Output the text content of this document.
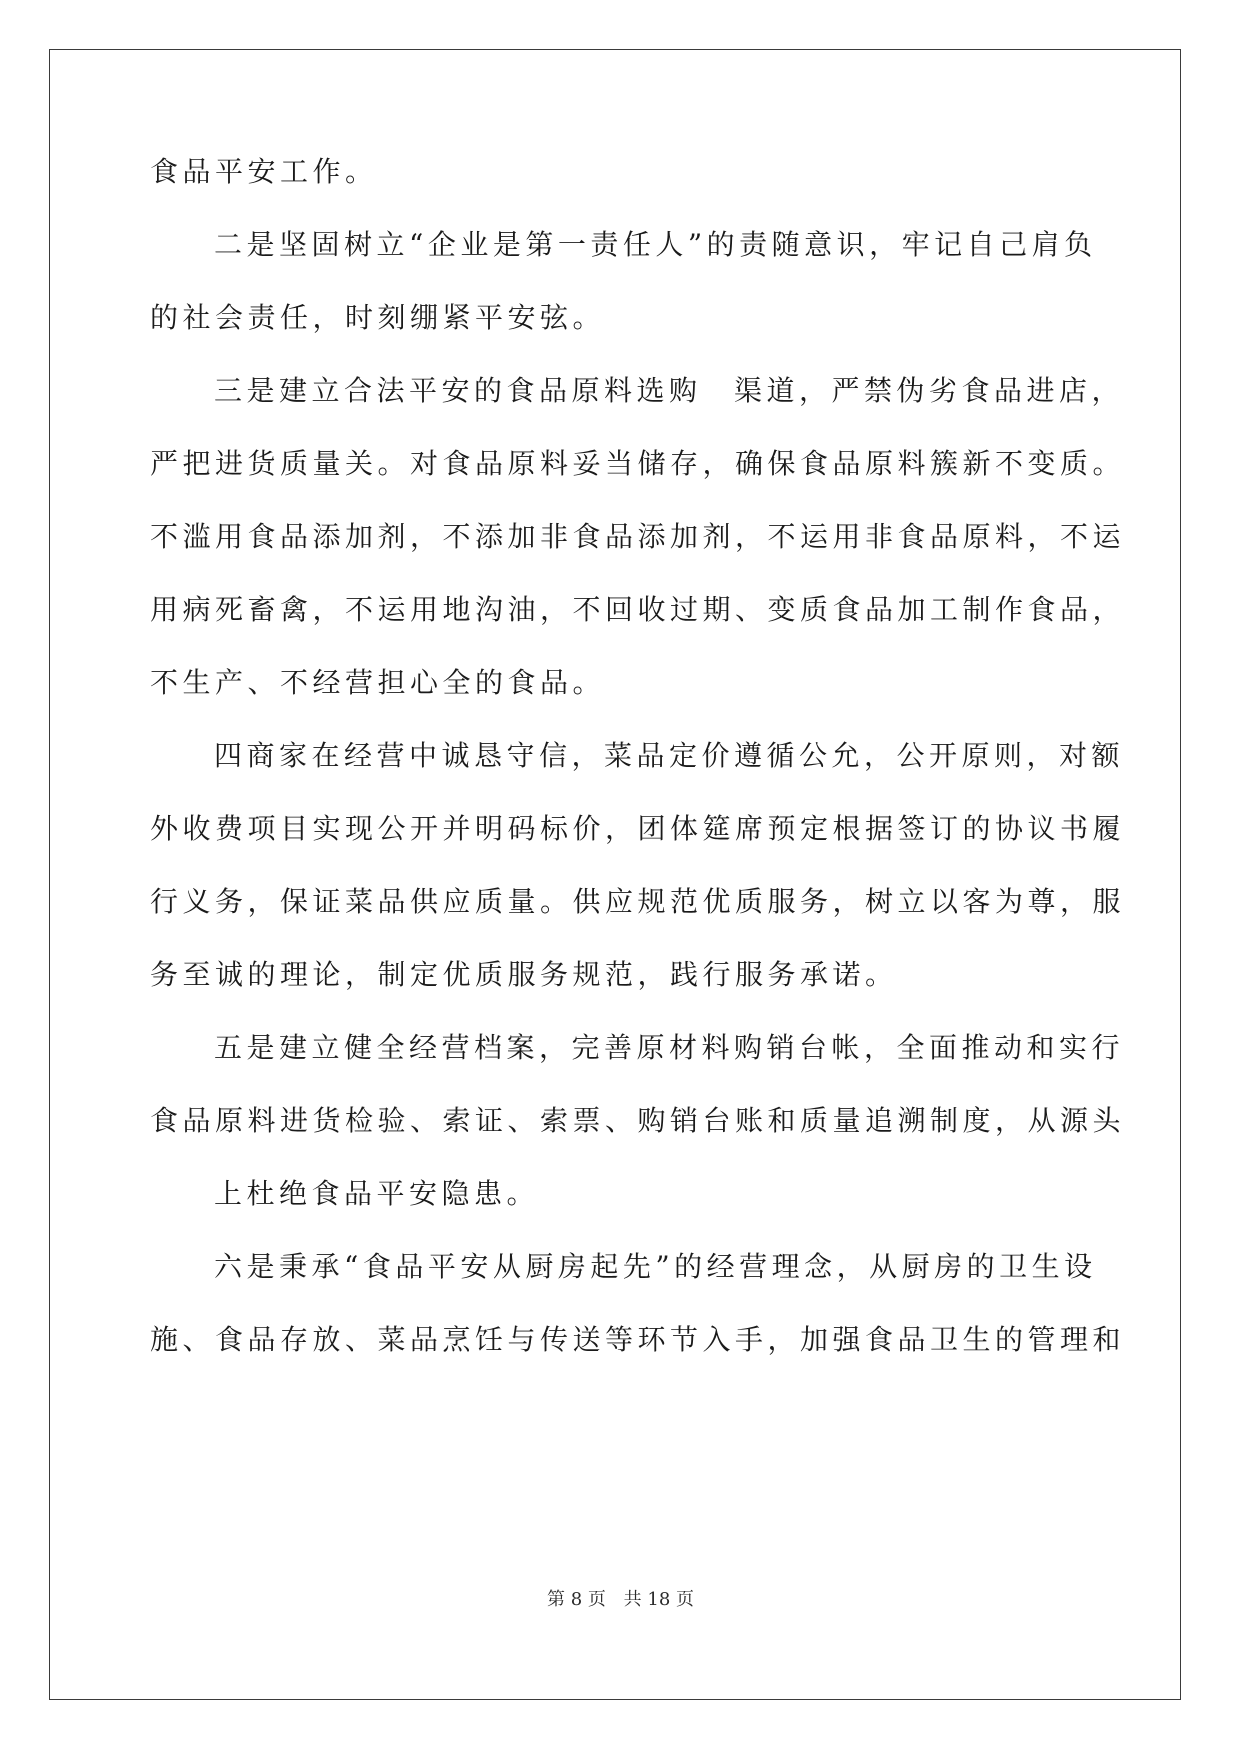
食品平安工作。
二是坚固树立“企业是第一责任人”的责随意识，牢记自己肩负
的社会责任，时刻绷紧平安弦。
三是建立合法平安的食品原料选购　渠道，严禁伪劣食品进店，
严把进货质量关。对食品原料妥当储存，确保食品原料簇新不变质。
不滥用食品添加剂，不添加非食品添加剂，不运用非食品原料，不运
用病死畜禽，不运用地沟油，不回收过期、变质食品加工制作食品，
不生产、不经营担心全的食品。
四商家在经营中诚恳守信，菜品定价遵循公允，公开原则，对额
外收费项目实现公开并明码标价，团体筵席预定根据签订的协议书履
行义务，保证菜品供应质量。供应规范优质服务，树立以客为尊，服
务至诚的理论，制定优质服务规范，践行服务承诺。
五是建立健全经营档案，完善原材料购销台帐，全面推动和实行
食品原料进货检验、索证、索票、购销台账和质量追溯制度，从源头
上杜绝食品平安隐患。
六是秉承“食品平安从厨房起先”的经营理念，从厨房的卫生设
施、食品存放、菜品烹饪与传送等环节入手，加强食品卫生的管理和
第 8 页 共 18 页
